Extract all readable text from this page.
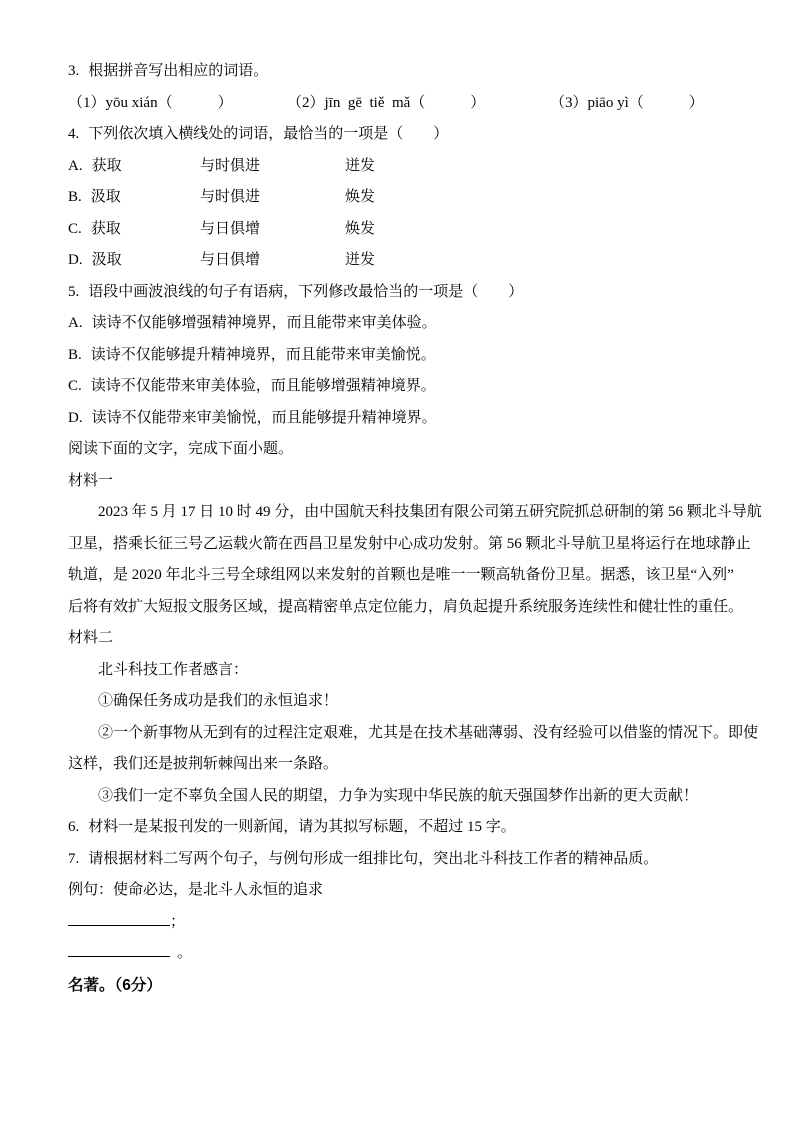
3. 根据拼音写出相应的词语。
（1）yōu xián（　　　）	（2）jīn  gē  tiě  mǎ（　　　）	（3）piāo yì（　　　）
4. 下列依次填入横线处的词语，最恰当的一项是（　　）
A. 获取	与时俱进	迸发
B. 汲取	与时俱进	焕发
C. 获取	与日俱增	焕发
D. 汲取	与日俱增	迸发
5. 语段中画波浪线的句子有语病，下列修改最恰当的一项是（　　）
A. 读诗不仅能够增强精神境界，而且能带来审美体验。
B. 读诗不仅能够提升精神境界，而且能带来审美愉悦。
C. 读诗不仅能带来审美体验，而且能够增强精神境界。
D. 读诗不仅能带来审美愉悦，而且能够提升精神境界。
阅读下面的文字，完成下面小题。
材料一
　　2023 年 5 月 17 日 10 时 49 分，由中国航天科技集团有限公司第五研究院抓总研制的第 56 颗北斗导航
卫星，搭乘长征三号乙运载火箭在西昌卫星发射中心成功发射。第 56 颗北斗导航卫星将运行在地球静止
轨道，是 2020 年北斗三号全球组网以来发射的首颗也是唯一一颗高轨备份卫星。据悉，该卫星“入列”
后将有效扩大短报文服务区域，提高精密单点定位能力，肩负起提升系统服务连续性和健壮性的重任。
材料二
　　北斗科技工作者感言：
　　①确保任务成功是我们的永恒追求！
　　②一个新事物从无到有的过程注定艰难，尤其是在技术基础薄弱、没有经验可以借鉴的情况下。即使
这样，我们还是披荆斩棘闯出来一条路。
　　③我们一定不辜负全国人民的期望，力争为实现中华民族的航天强国梦作出新的更大贡献！
6. 材料一是某报刊发的一则新闻，请为其拟写标题，不超过 15 字。
7. 请根据材料二写两个句子，与例句形成一组排比句，突出北斗科技工作者的精神品质。
例句：使命必达，是北斗人永恒的追求
；
。
名著。（6分）
